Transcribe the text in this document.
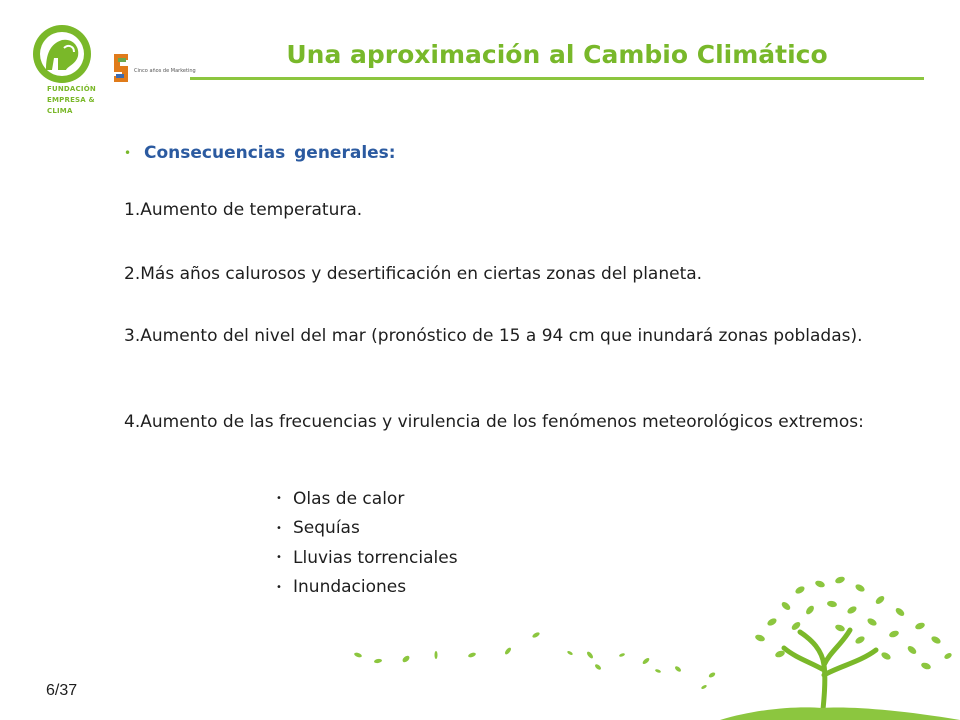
FUNDACIÓN
EMPRESA &
CLIMA
Cinco años de Marketing
Una aproximación al Cambio Climático
• Consecuencias generales:
1.Aumento de temperatura.
2.Más años calurosos y desertificación en ciertas zonas del planeta.
3.Aumento del nivel del mar (pronóstico de 15 a 94 cm que inundará zonas pobladas).
4.Aumento de las frecuencias y virulencia de los fenómenos meteorológicos extremos:
• Olas de calor
• Sequías
• Lluvias torrenciales
• Inundaciones
6/37
